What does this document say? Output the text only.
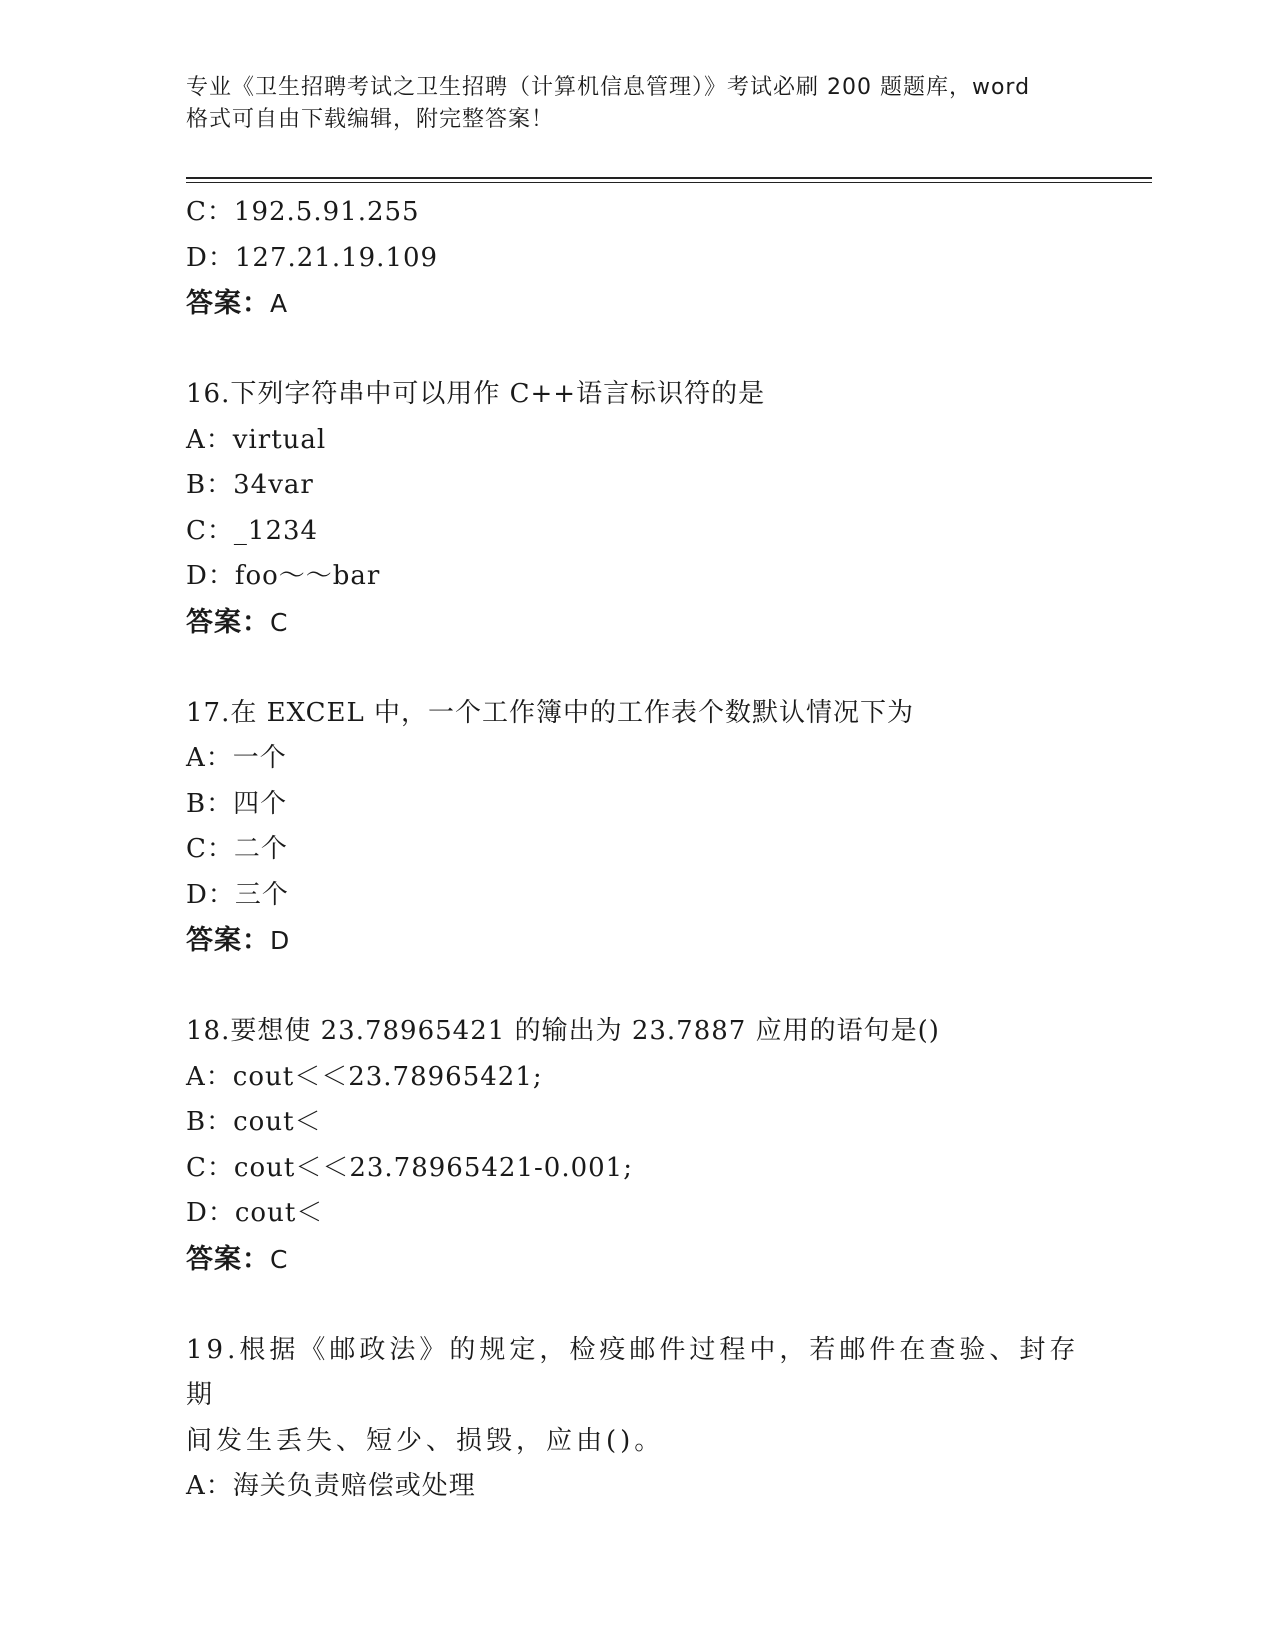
专业《卫生招聘考试之卫生招聘（计算机信息管理）》考试必刷 200 题题库，word
格式可自由下载编辑，附完整答案！
C：192.5.91.255
D：127.21.19.109
答案：A
16.下列字符串中可以用作 C++语言标识符的是
A：virtual
B：34var
C：_1234
D：foo～～bar
答案：C
17.在 EXCEL 中，一个工作簿中的工作表个数默认情况下为
A：一个
B：四个
C：二个
D：三个
答案：D
18.要想使 23.78965421 的输出为 23.7887 应用的语句是()
A：cout＜＜23.78965421;
B：cout＜
C：cout＜＜23.78965421-0.001;
D：cout＜
答案：C
19.根据《邮政法》的规定，检疫邮件过程中，若邮件在查验、封存期
间发生丢失、短少、损毁，应由()。
A：海关负责赔偿或处理
